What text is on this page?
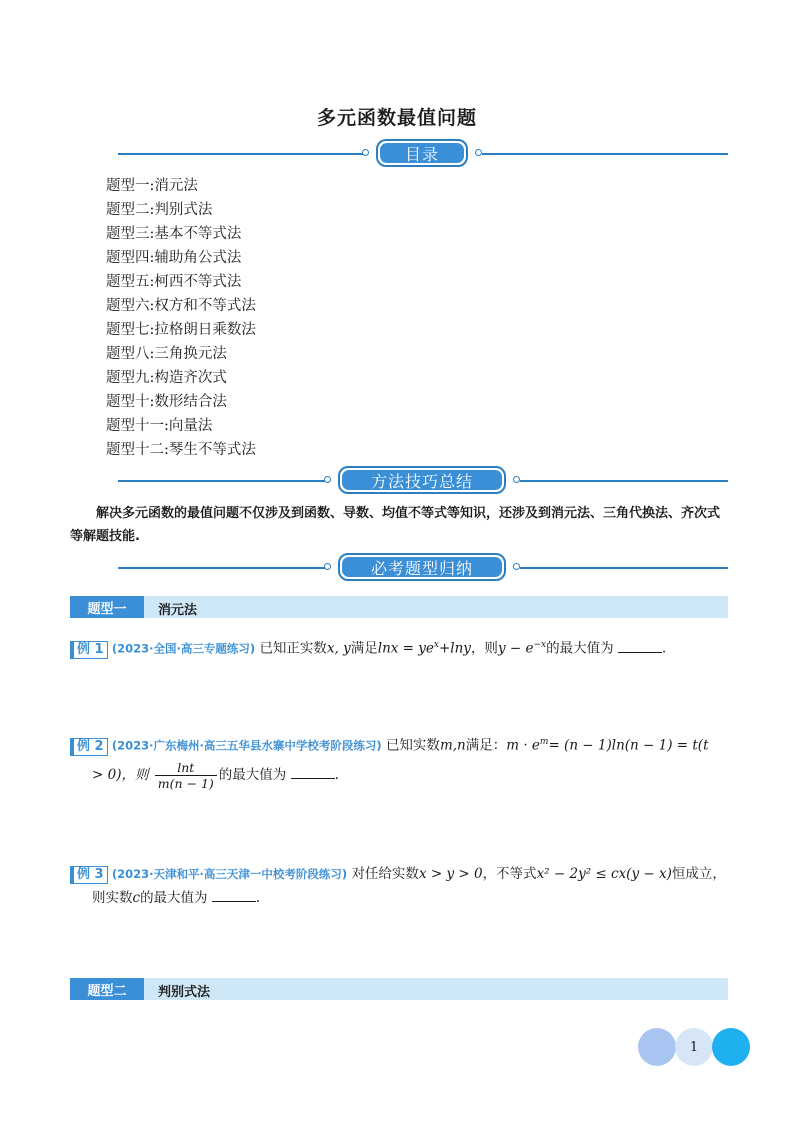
多元函数最值问题
目录
题型一:消元法
题型二:判别式法
题型三:基本不等式法
题型四:辅助角公式法
题型五:柯西不等式法
题型六:权方和不等式法
题型七:拉格朗日乘数法
题型八:三角换元法
题型九:构造齐次式
题型十:数形结合法
题型十一:向量法
题型十二:琴生不等式法
方法技巧总结
解决多元函数的最值问题不仅涉及到函数、导数、均值不等式等知识，还涉及到消元法、三角代换法、齐次式等解题技能.
必考题型归纳
题型一	消元法
例 1 (2023·全国·高三专题练习) 已知正实数x, y满足$\ln x = ye^x+\ln y$，则$y - e^{-x}$的最大值为	.
例 2 (2023·广东梅州·高三五华县水寨中学校考阶段练习) 已知实数m,n满足：$m \cdot e^m= (n - 1)\ln(n - 1) = t(t$
> 0)，则 $\frac{\ln t}{m(n - 1)}$ 的最大值为	.
例 3 (2023·天津和平·高三天津一中校考阶段练习) 对任给实数x > y > 0，不等式x² − 2y² ≤ cx(y − x)恒成立，
则实数c的最大值为	.
题型二	判别式法
1
